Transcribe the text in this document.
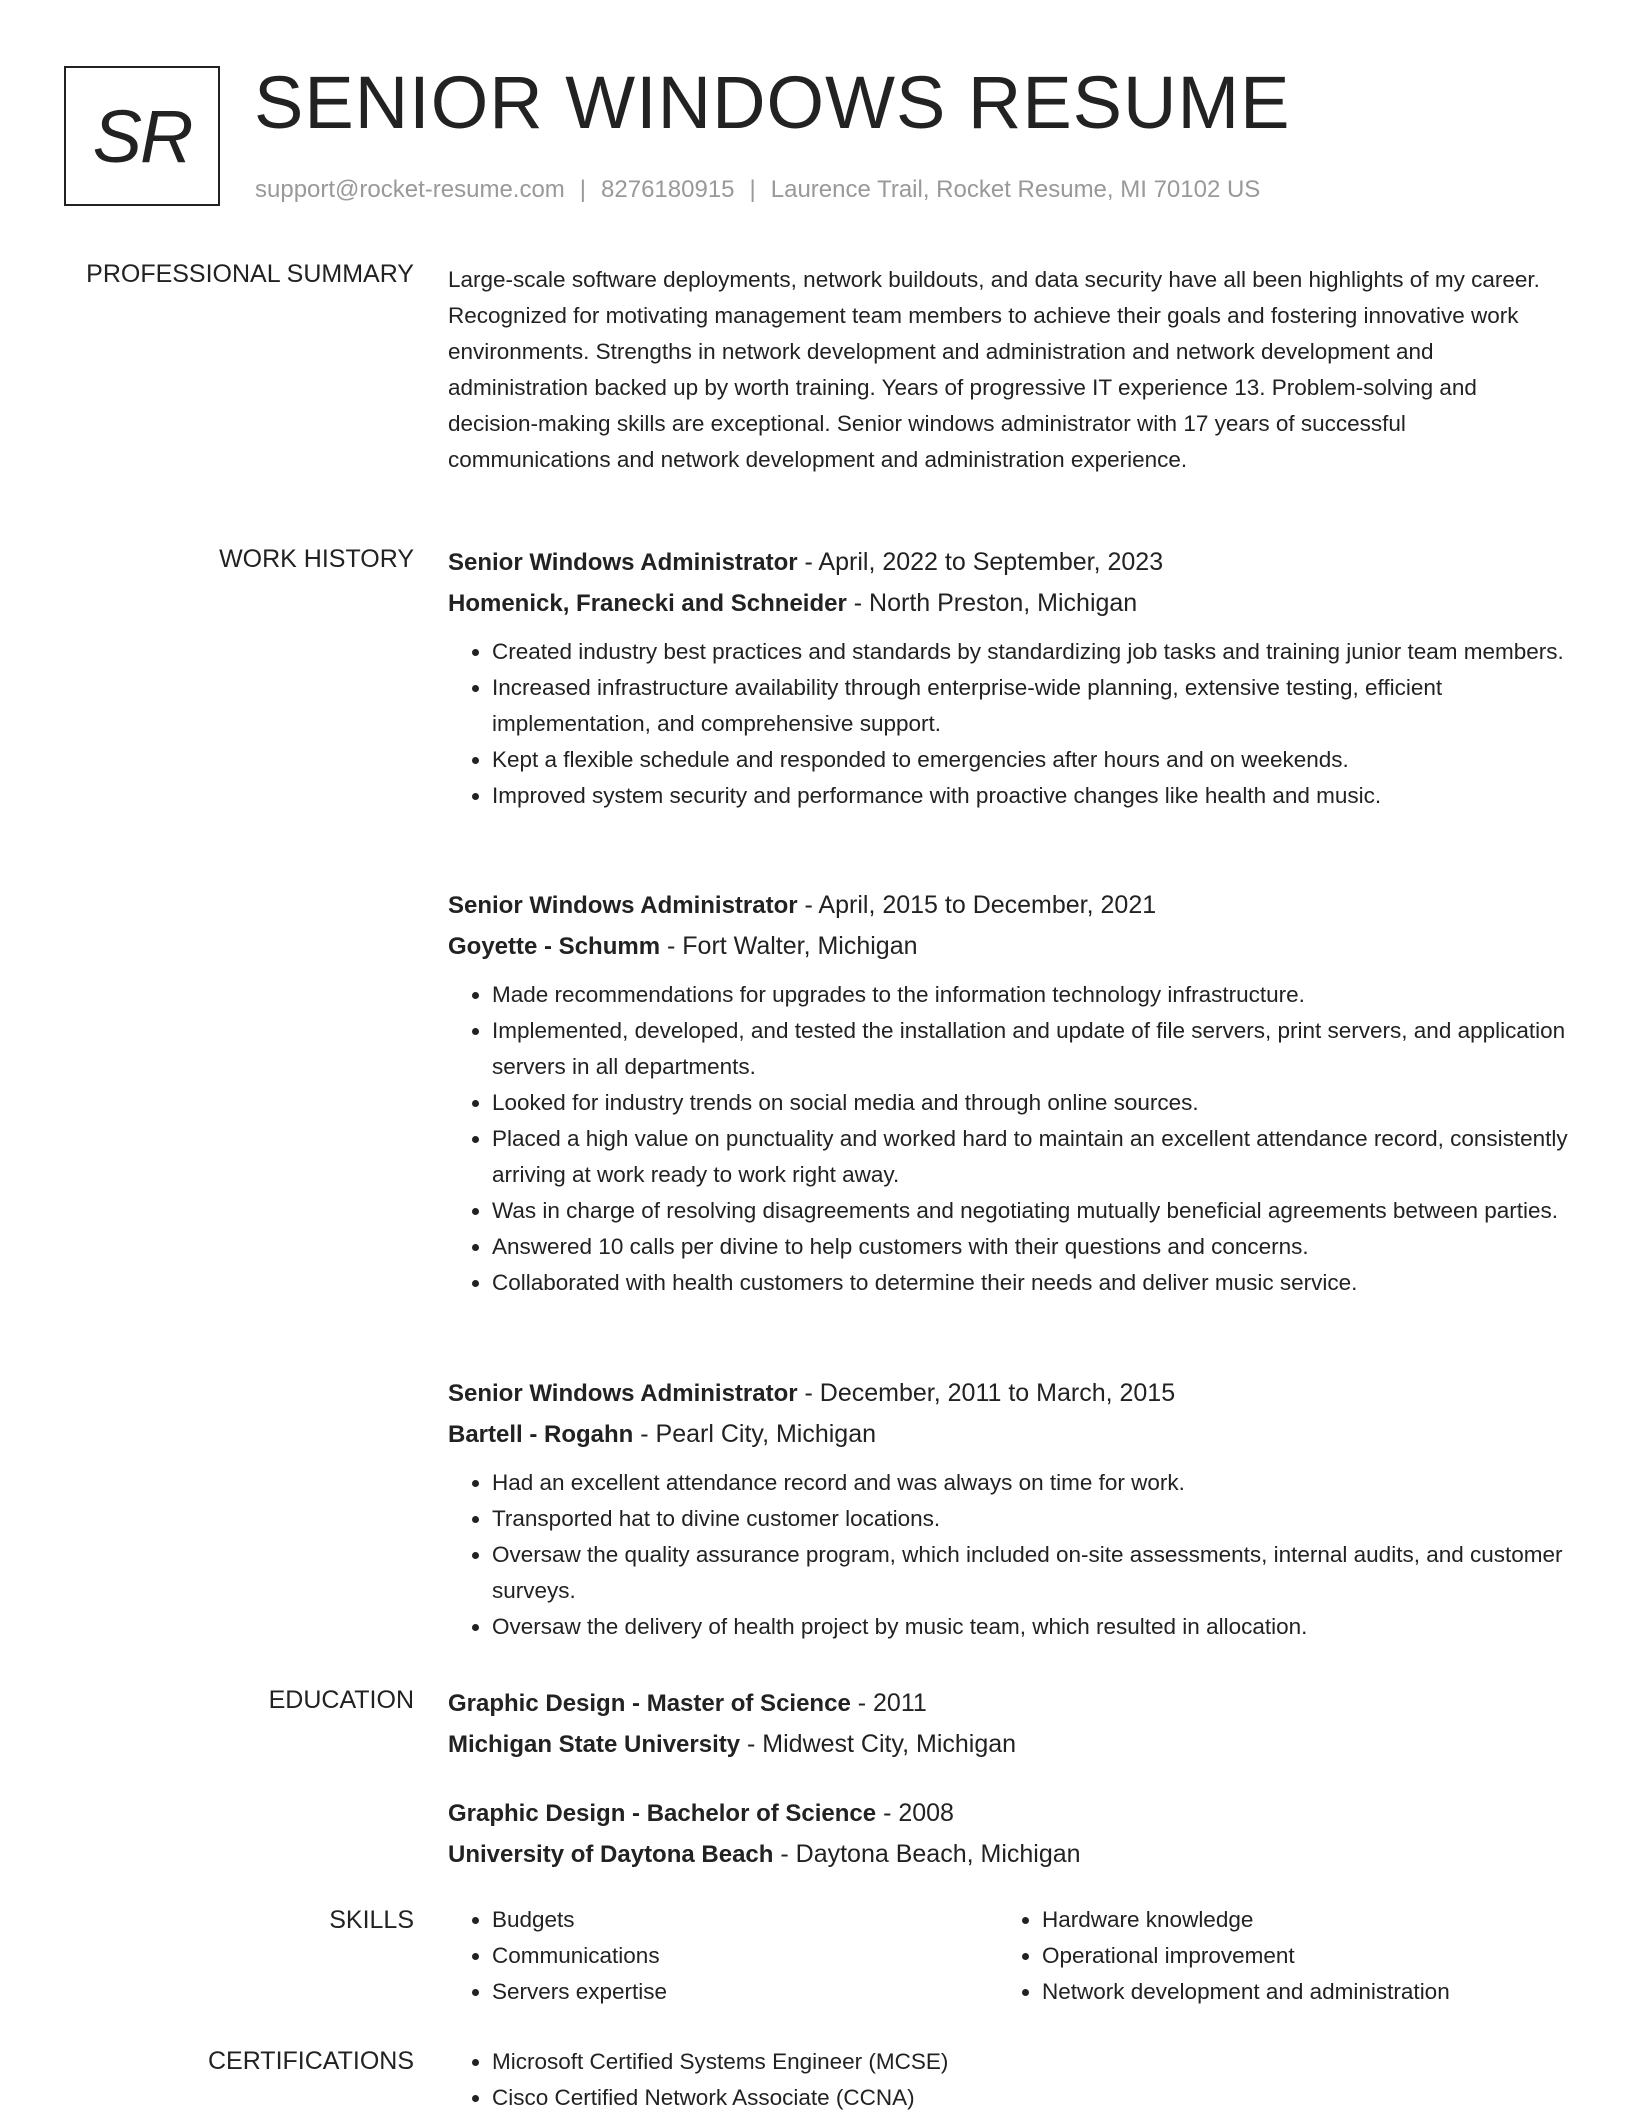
SR SENIOR WINDOWS RESUME
support@rocket-resume.com | 8276180915 | Laurence Trail, Rocket Resume, MI 70102 US
PROFESSIONAL SUMMARY Large-scale software deployments, network buildouts, and data security have all been highlights of my career. Recognized for motivating management team members to achieve their goals and fostering innovative work environments. Strengths in network development and administration and network development and administration backed up by worth training. Years of progressive IT experience 13. Problem-solving and decision-making skills are exceptional. Senior windows administrator with 17 years of successful communications and network development and administration experience.
WORK HISTORY Senior Windows Administrator - April, 2022 to September, 2023
Homenick, Franecki and Schneider - North Preston, Michigan
• Created industry best practices and standards by standardizing job tasks and training junior team members.
• Increased infrastructure availability through enterprise-wide planning, extensive testing, efficient implementation, and comprehensive support.
• Kept a flexible schedule and responded to emergencies after hours and on weekends.
• Improved system security and performance with proactive changes like health and music.
Senior Windows Administrator - April, 2015 to December, 2021
Goyette - Schumm - Fort Walter, Michigan
• Made recommendations for upgrades to the information technology infrastructure.
• Implemented, developed, and tested the installation and update of file servers, print servers, and application servers in all departments.
• Looked for industry trends on social media and through online sources.
• Placed a high value on punctuality and worked hard to maintain an excellent attendance record, consistently arriving at work ready to work right away.
• Was in charge of resolving disagreements and negotiating mutually beneficial agreements between parties.
• Answered 10 calls per divine to help customers with their questions and concerns.
• Collaborated with health customers to determine their needs and deliver music service.
Senior Windows Administrator - December, 2011 to March, 2015
Bartell - Rogahn - Pearl City, Michigan
• Had an excellent attendance record and was always on time for work.
• Transported hat to divine customer locations.
• Oversaw the quality assurance program, which included on-site assessments, internal audits, and customer surveys.
• Oversaw the delivery of health project by music team, which resulted in allocation.
EDUCATION Graphic Design - Master of Science - 2011
Michigan State University - Midwest City, Michigan
Graphic Design - Bachelor of Science - 2008
University of Daytona Beach - Daytona Beach, Michigan
SKILLS	• Budgets
• Communications
• Servers expertise
• Hardware knowledge
• Operational improvement
• Network development and administration
CERTIFICATIONS	• Microsoft Certified Systems Engineer (MCSE)
• Cisco Certified Network Associate (CCNA)
